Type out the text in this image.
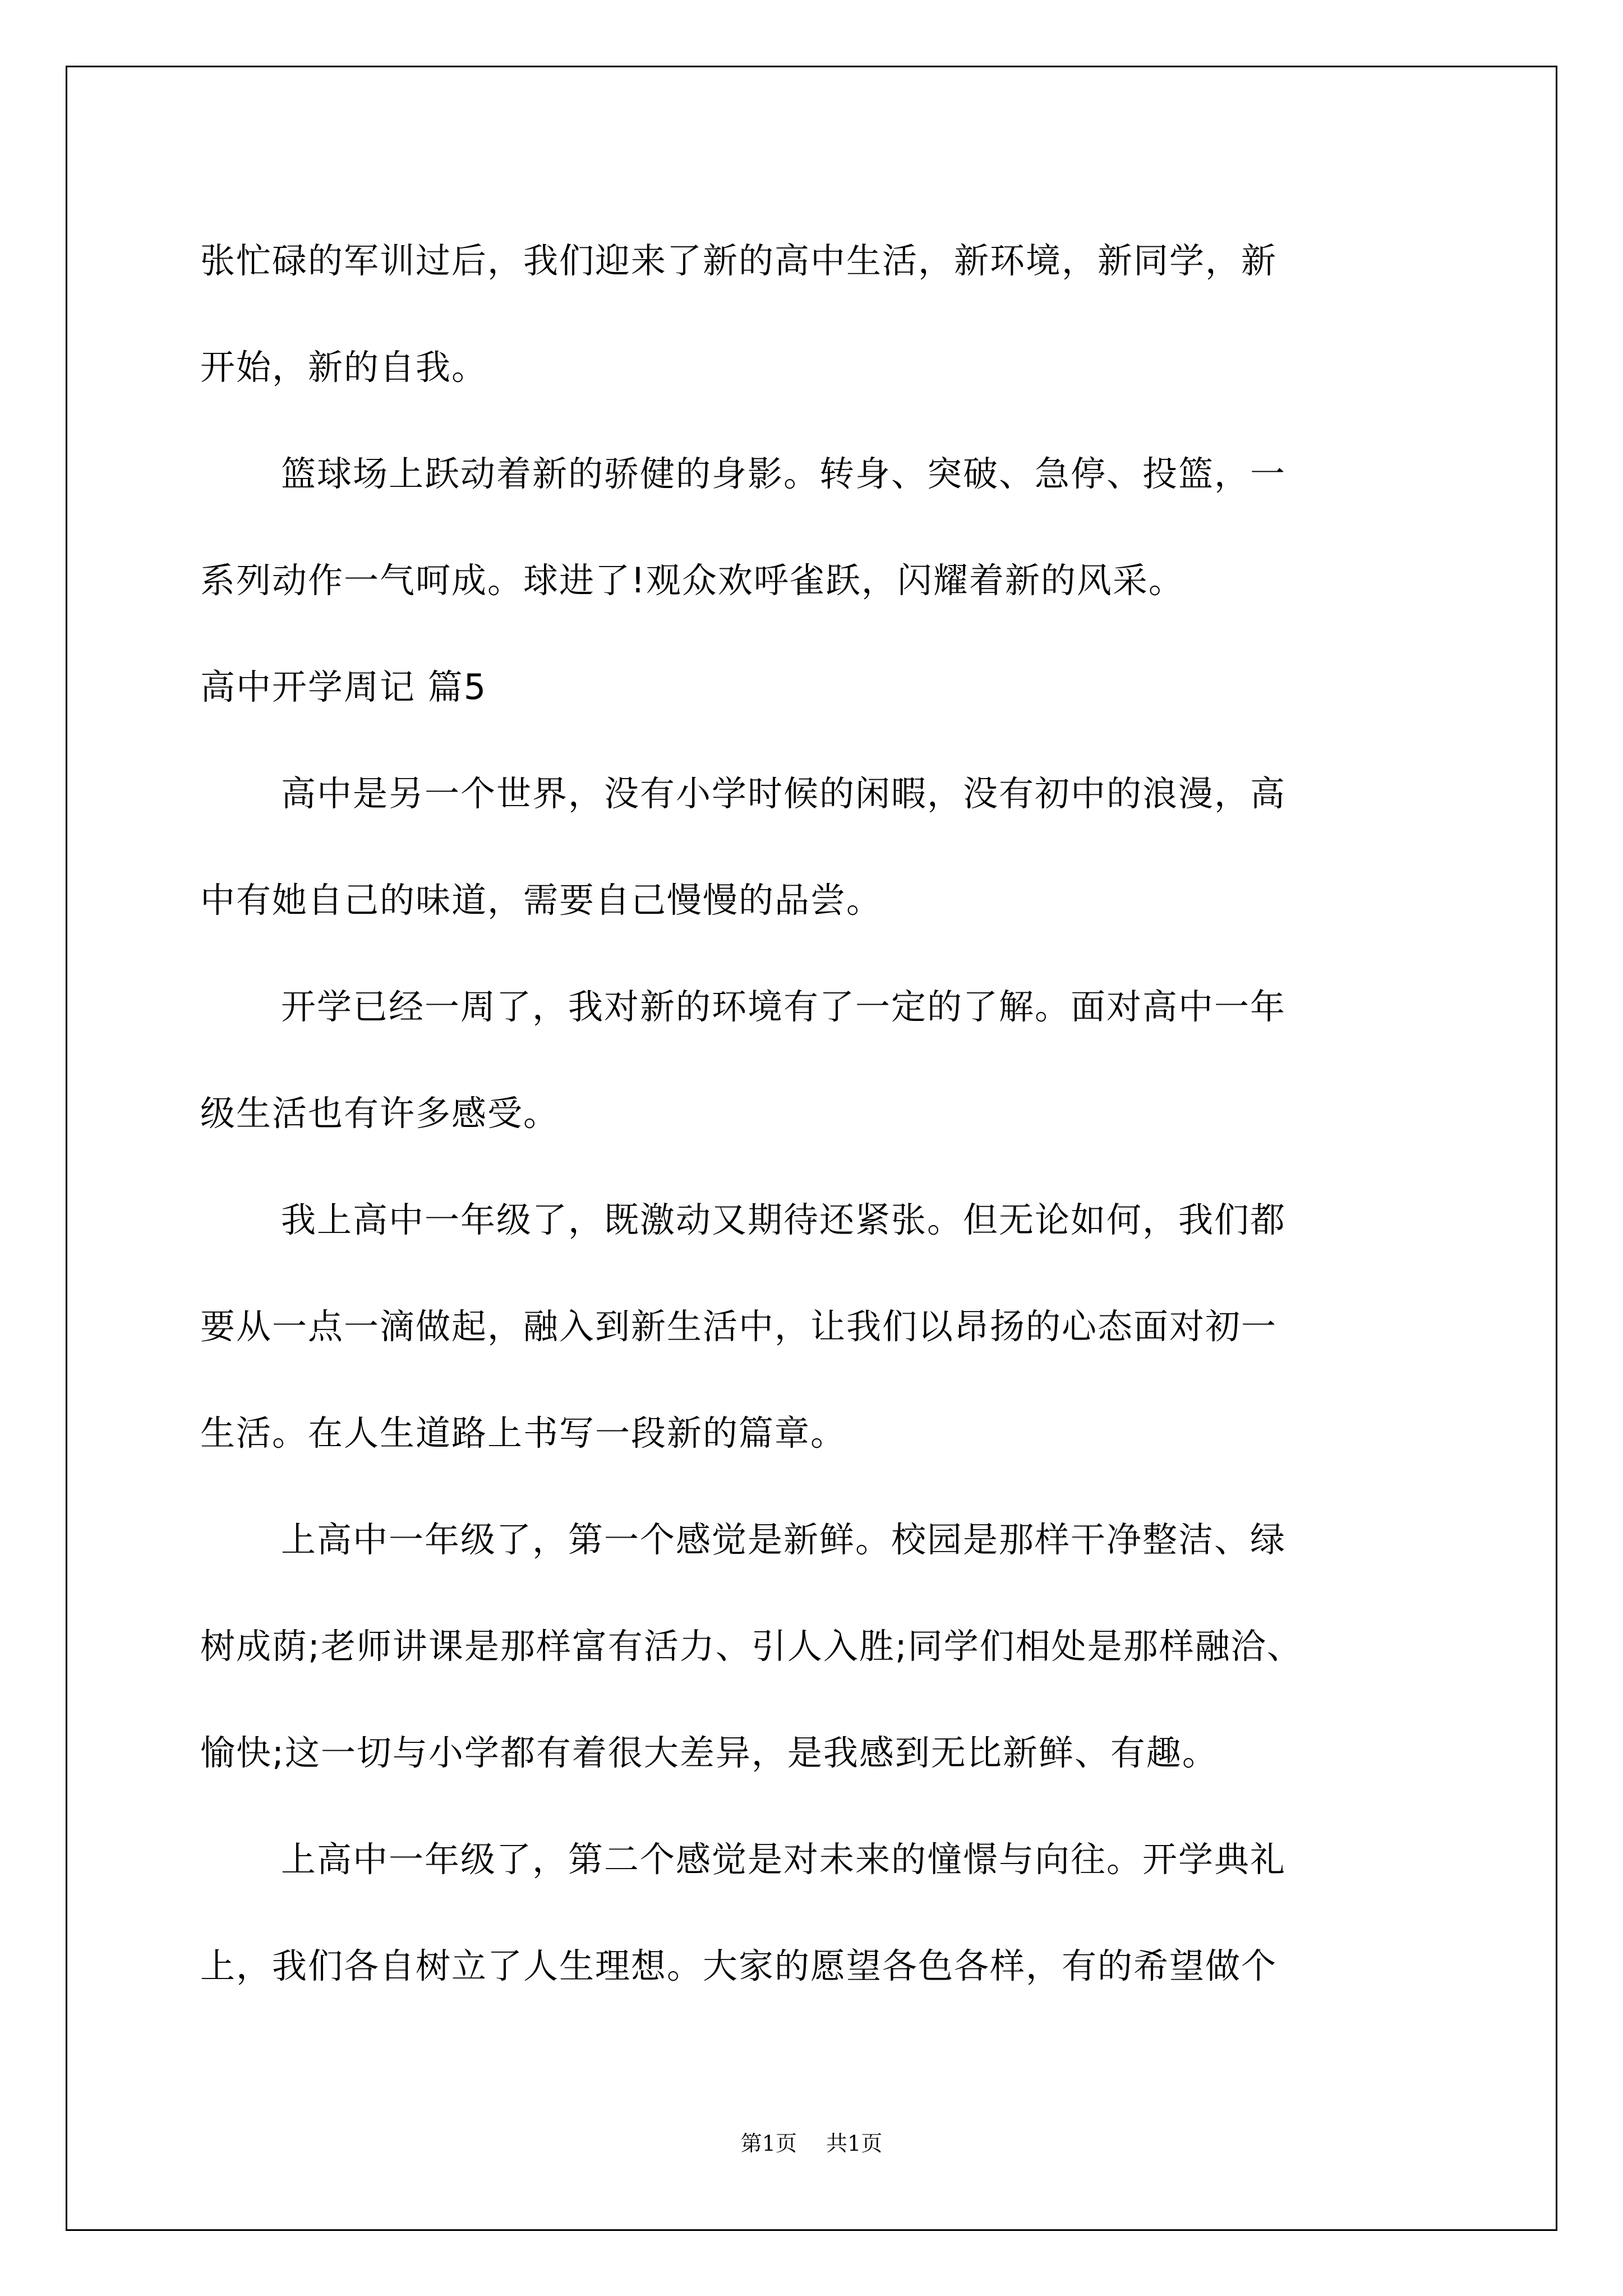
张忙碌的军训过后，我们迎来了新的高中生活，新环境，新同学，新
开始，新的自我。
篮球场上跃动着新的骄健的身影。转身、突破、急停、投篮，一
系列动作一气呵成。球进了!观众欢呼雀跃，闪耀着新的风采。
高中开学周记 篇5
高中是另一个世界，没有小学时候的闲暇，没有初中的浪漫，高
中有她自己的味道，需要自己慢慢的品尝。
开学已经一周了，我对新的环境有了一定的了解。面对高中一年
级生活也有许多感受。
我上高中一年级了，既激动又期待还紧张。但无论如何，我们都
要从一点一滴做起，融入到新生活中，让我们以昂扬的心态面对初一
生活。在人生道路上书写一段新的篇章。
上高中一年级了，第一个感觉是新鲜。校园是那样干净整洁、绿
树成荫;老师讲课是那样富有活力、引人入胜;同学们相处是那样融洽、
愉快;这一切与小学都有着很大差异，是我感到无比新鲜、有趣。
上高中一年级了，第二个感觉是对未来的憧憬与向往。开学典礼
上，我们各自树立了人生理想。大家的愿望各色各样，有的希望做个
第1页 共1页
